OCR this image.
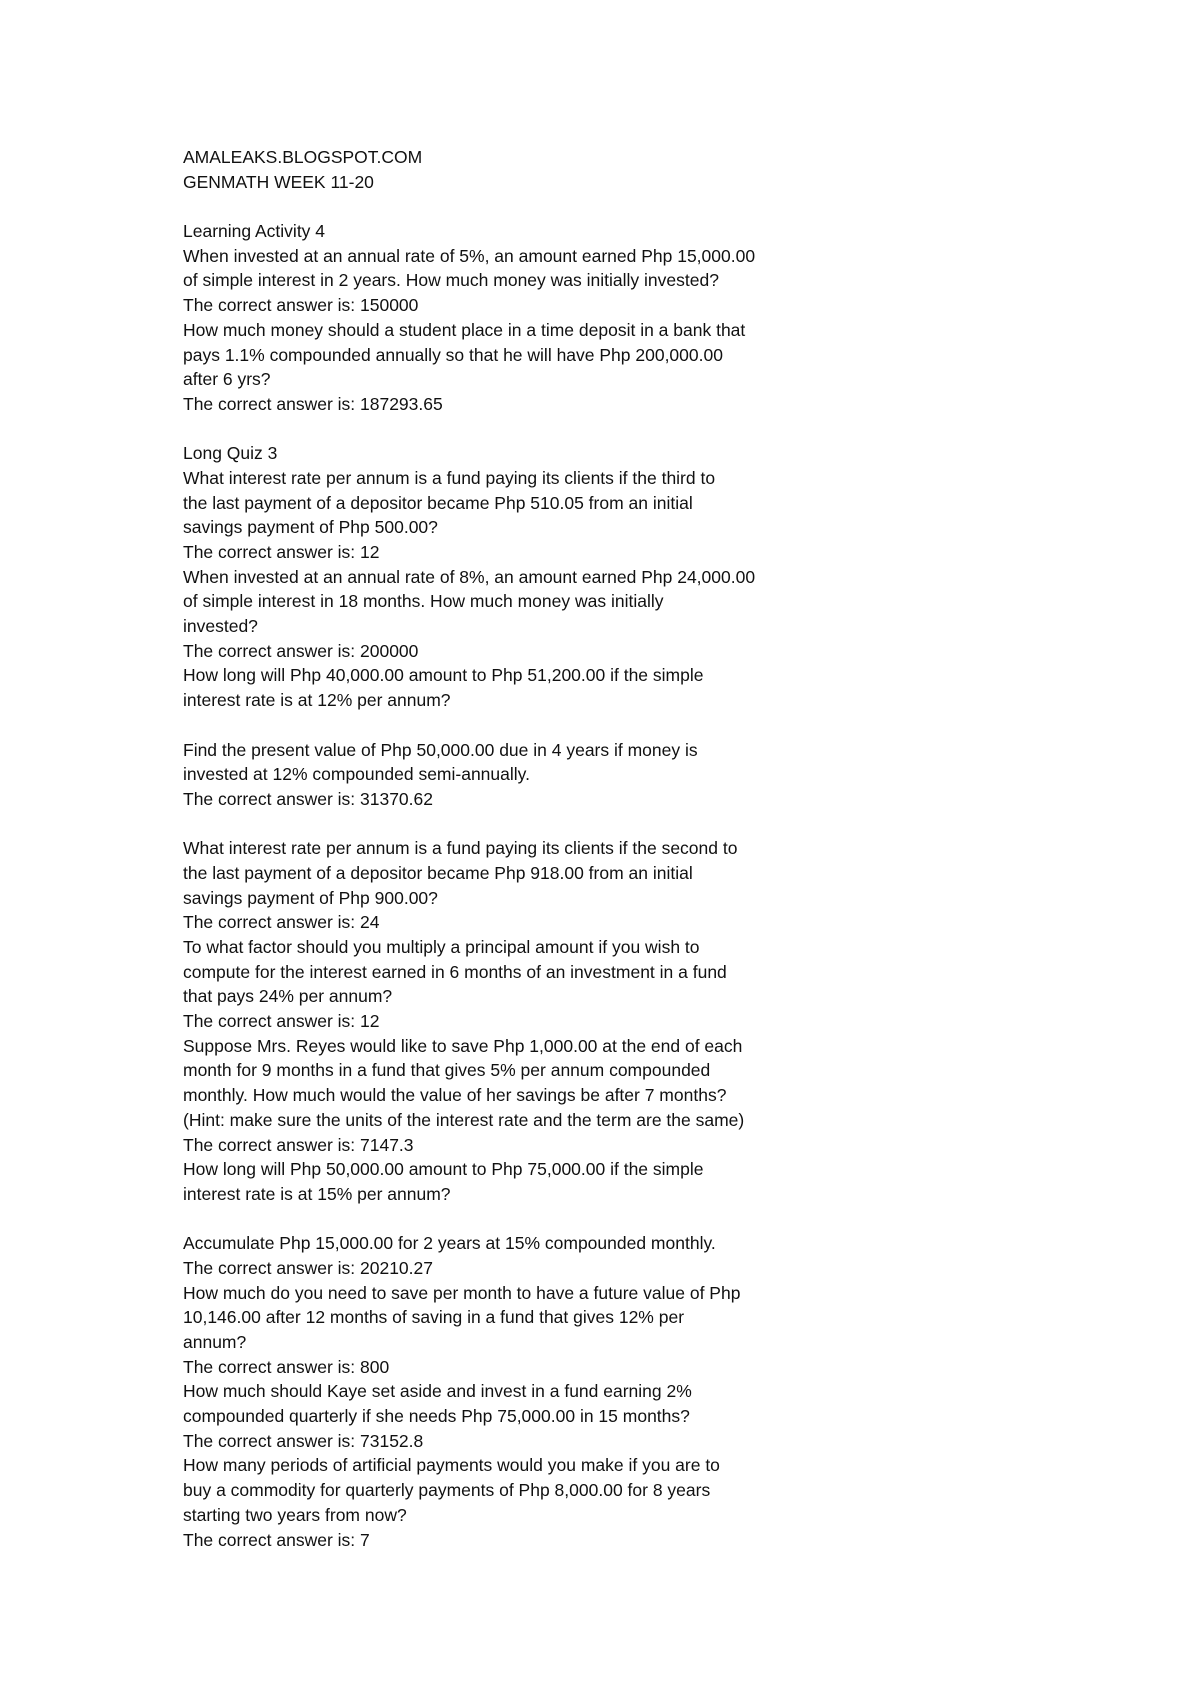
AMALEAKS.BLOGSPOT.COM
GENMATH WEEK 11-20
Learning Activity 4
When invested at an annual rate of 5%, an amount earned Php 15,000.00
of simple interest in 2 years. How much money was initially invested?
The correct answer is: 150000
How much money should a student place in a time deposit in a bank that
pays 1.1% compounded annually so that he will have Php 200,000.00
after 6 yrs?
The correct answer is: 187293.65
Long Quiz 3
What interest rate per annum is a fund paying its clients if the third to
the last payment of a depositor became Php 510.05 from an initial
savings payment of Php 500.00?
The correct answer is: 12
When invested at an annual rate of 8%, an amount earned Php 24,000.00
of simple interest in 18 months. How much money was initially
invested?
The correct answer is: 200000
How long will Php 40,000.00 amount to Php 51,200.00 if the simple
interest rate is at 12% per annum?
Find the present value of Php 50,000.00 due in 4 years if money is
invested at 12% compounded semi-annually.
The correct answer is: 31370.62
What interest rate per annum is a fund paying its clients if the second to
the last payment of a depositor became Php 918.00 from an initial
savings payment of Php 900.00?
The correct answer is: 24
To what factor should you multiply a principal amount if you wish to
compute for the interest earned in 6 months of an investment in a fund
that pays 24% per annum?
The correct answer is: 12
Suppose Mrs. Reyes would like to save Php 1,000.00 at the end of each
month for 9 months in a fund that gives 5% per annum compounded
monthly. How much would the value of her savings be after 7 months?
(Hint: make sure the units of the interest rate and the term are the same)
The correct answer is: 7147.3
How long will Php 50,000.00 amount to Php 75,000.00 if the simple
interest rate is at 15% per annum?
Accumulate Php 15,000.00 for 2 years at 15% compounded monthly.
The correct answer is: 20210.27
How much do you need to save per month to have a future value of Php
10,146.00 after 12 months of saving in a fund that gives 12% per
annum?
The correct answer is: 800
How much should Kaye set aside and invest in a fund earning 2%
compounded quarterly if she needs Php 75,000.00 in 15 months?
The correct answer is: 73152.8
How many periods of artificial payments would you make if you are to
buy a commodity for quarterly payments of Php 8,000.00 for 8 years
starting two years from now?
The correct answer is: 7
